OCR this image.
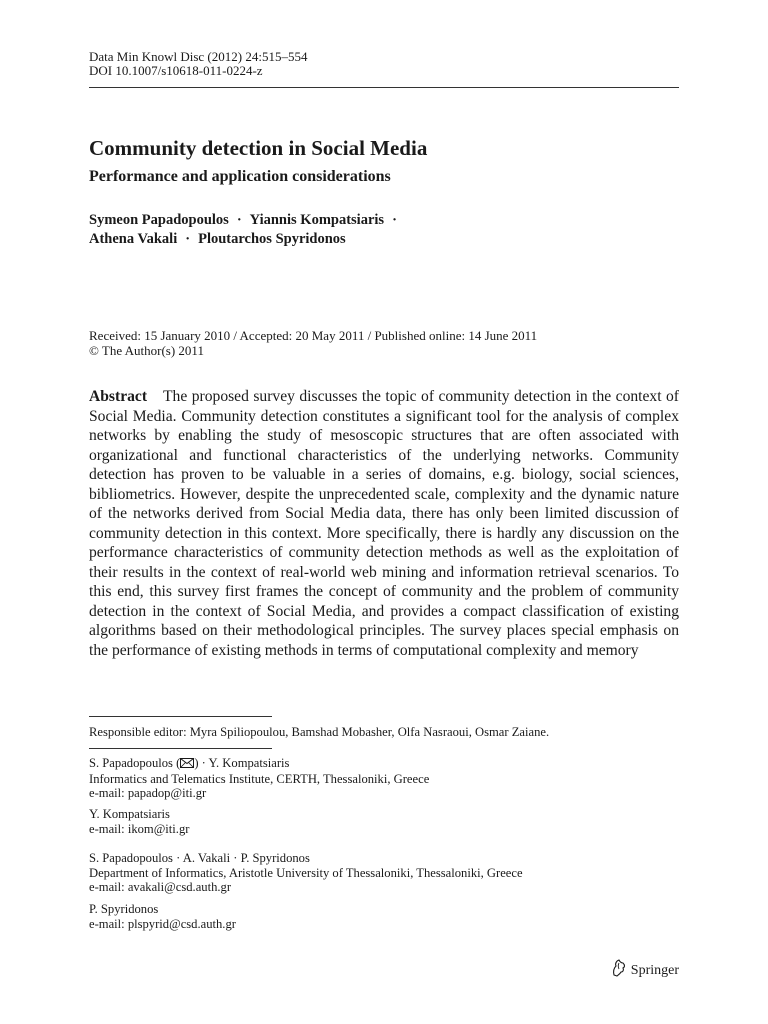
Data Min Knowl Disc (2012) 24:515–554
DOI 10.1007/s10618-011-0224-z
Community detection in Social Media
Performance and application considerations
Symeon Papadopoulos · Yiannis Kompatsiaris ·
Athena Vakali · Ploutarchos Spyridonos
Received: 15 January 2010 / Accepted: 20 May 2011 / Published online: 14 June 2011
© The Author(s) 2011
Abstract The proposed survey discusses the topic of community detection in the context of Social Media. Community detection constitutes a significant tool for the analysis of complex networks by enabling the study of mesoscopic structures that are often associated with organizational and functional characteristics of the underlying networks. Community detection has proven to be valuable in a series of domains, e.g. biology, social sciences, bibliometrics. However, despite the unprecedented scale, complexity and the dynamic nature of the networks derived from Social Media data, there has only been limited discussion of community detection in this context. More specifically, there is hardly any discussion on the performance characteristics of community detection methods as well as the exploitation of their results in the context of real-world web mining and information retrieval scenarios. To this end, this survey first frames the concept of community and the problem of community detection in the context of Social Media, and provides a compact classification of existing algorithms based on their methodological principles. The survey places special emphasis on the performance of existing methods in terms of computational complexity and memory
Responsible editor: Myra Spiliopoulou, Bamshad Mobasher, Olfa Nasraoui, Osmar Zaiane.
S. Papadopoulos ( ) · Y. Kompatsiaris
Informatics and Telematics Institute, CERTH, Thessaloniki, Greece
e-mail: papadop@iti.gr
Y. Kompatsiaris
e-mail: ikom@iti.gr
S. Papadopoulos · A. Vakali · P. Spyridonos
Department of Informatics, Aristotle University of Thessaloniki, Thessaloniki, Greece
e-mail: avakali@csd.auth.gr
P. Spyridonos
e-mail: plspyrid@csd.auth.gr
Springer
